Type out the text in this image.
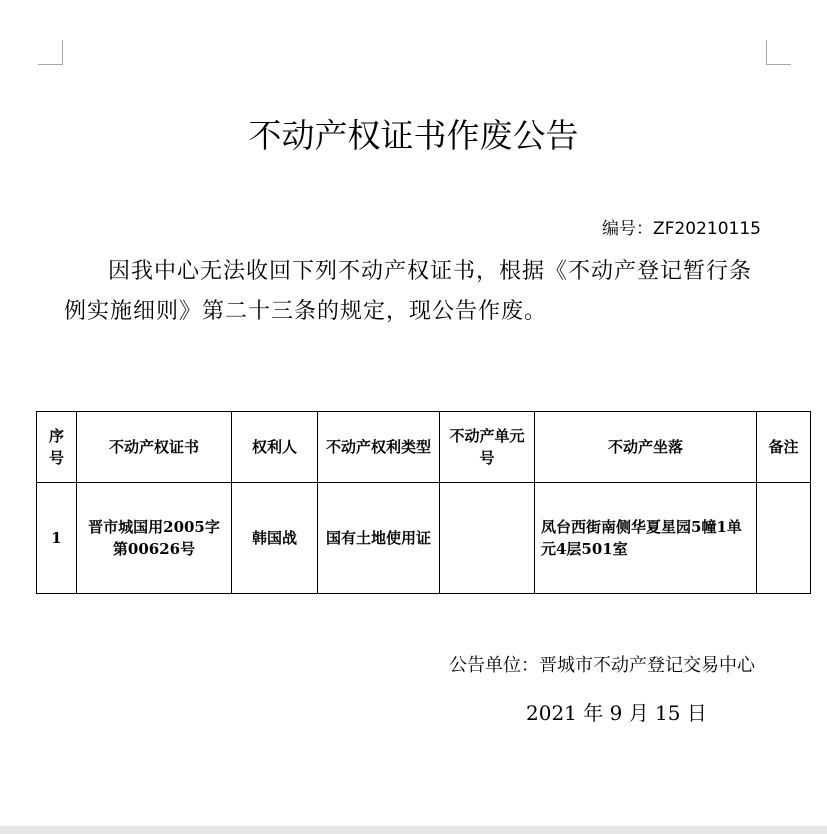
不动产权证书作废公告
编号：ZF20210115
因我中心无法收回下列不动产权证书，根据《不动产登记暂行条例实施细则》第二十三条的规定，现公告作废。
序号	不动产权证书	权利人	不动产权利类型	不动产单元号	不动产坐落	备注
1	晋市城国用2005字第00626号	韩国战	国有土地使用证		凤台西街南侧华夏星园5幢1单元4层501室	
公告单位：晋城市不动产登记交易中心
2021 年 9 月 15 日
